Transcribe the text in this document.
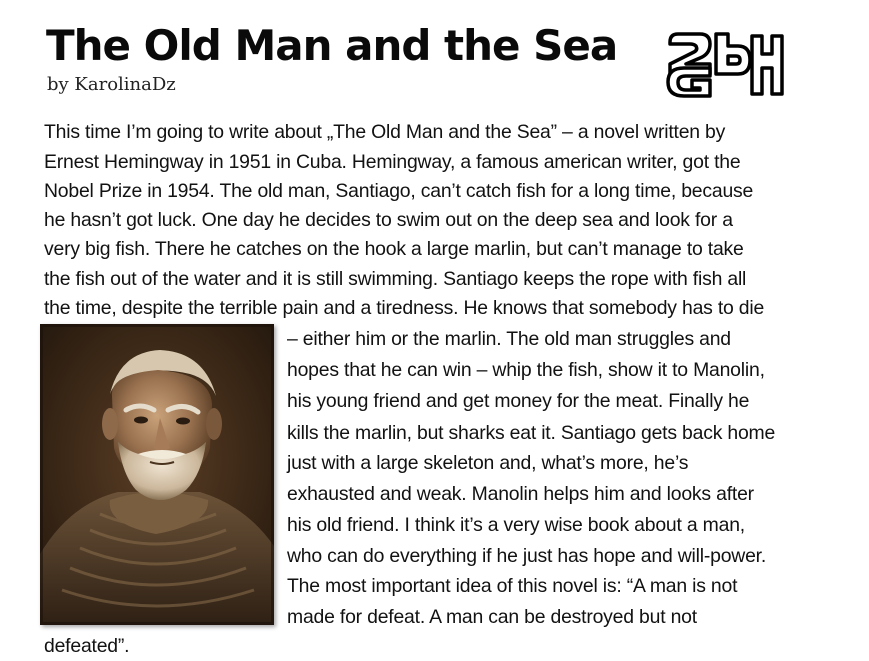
The Old Man and the Sea
by KarolinaDz
This time I’m going to write about „The Old Man and the Sea” – a novel written by
Ernest Hemingway in 1951 in Cuba. Hemingway, a famous american writer, got the
Nobel Prize in 1954. The old man, Santiago, can’t catch fish for a long time, because
he hasn’t got luck. One day he decides to swim out on the deep sea and look for a
very big fish. There he catches on the hook a large marlin, but can’t manage to take
the fish out of the water and it is still swimming. Santiago keeps the rope with fish all
the time, despite the terrible pain and a tiredness. He knows that somebody has to die
– either him or the marlin. The old man struggles and
hopes that he can win – whip the fish, show it to Manolin,
his young friend and get money for the meat. Finally he
kills the marlin, but sharks eat it. Santiago gets back home
just with a large skeleton and, what’s more, he’s
exhausted and weak. Manolin helps him and looks after
his old friend. I think it’s a very wise book about a man,
who can do everything if he just has hope and will-power.
The most important idea of this novel is: “A man is not
made for defeat. A man can be destroyed but not
defeated”.
